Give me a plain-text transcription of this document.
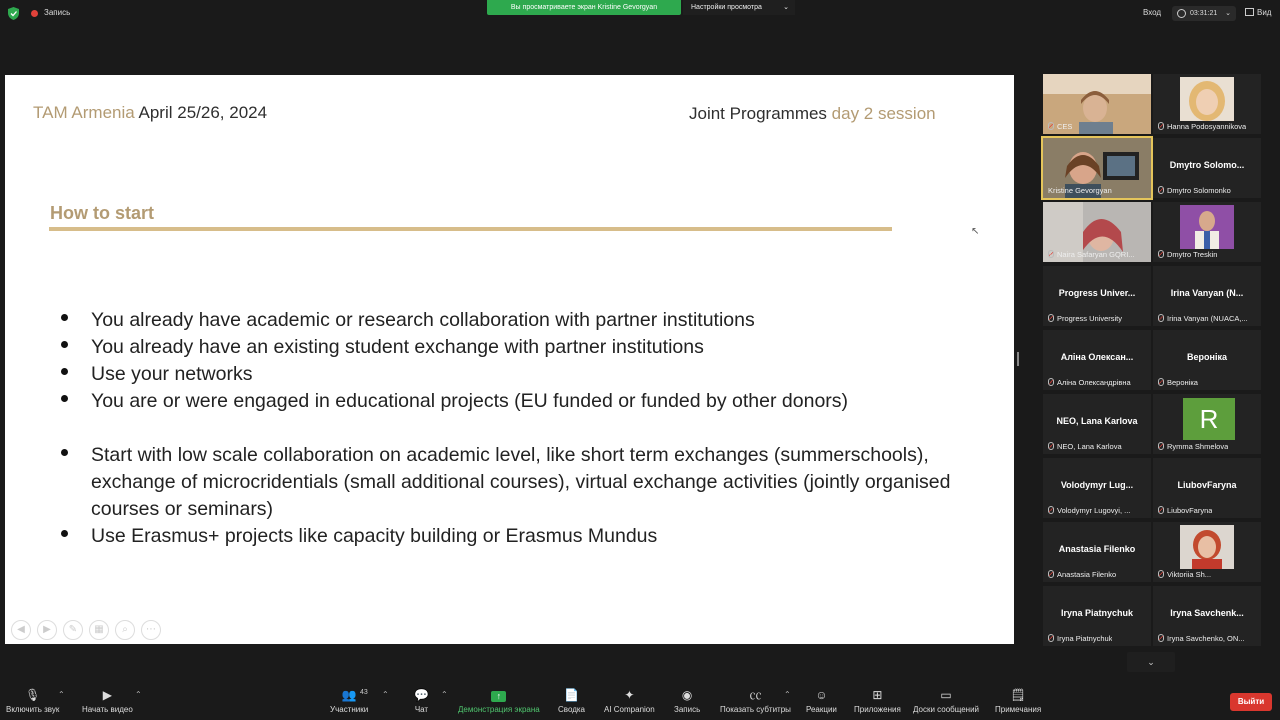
Запись
Вы просматриваете экран Kristine Gevorgyan	Настройки просмотра	⌄
Вход	03:31:21 ⌄	Вид
TAM Armenia April 25/26, 2024	Joint Programmes day 2 session
How to start
You already have academic or research collaboration with partner institutions
You already have an existing student exchange with partner institutions
Use your networks
You are or were engaged in educational projects (EU funded or funded by other donors)
Start with low scale collaboration on academic level, like short term exchanges (summerschools), exchange of microcridentials (small additional courses), virtual exchange activities (jointly organised courses or seminars)
Use Erasmus+ projects like capacity building or Erasmus Mundus
◀ ▶ ✎ ▦ ⌕ ⋯
↖
CES	Hanna Podosyannikova
Kristine Gevorgyan
Dmytro Solomo...
Dmytro Solomonko
Naira Safaryan GQRI...	Dmytro Treskin
Progress Univer...
Progress University
Irina Vanyan (N...
Irina Vanyan (NUACA,...
Аліна Олексан...
Аліна Олександрівна
Вероніка
Вероніка
NEO, Lana Karlova
NEO, Lana Karlova
R
Rymma Shmelova
Volodymyr Lug...
Volodymyr Lugovyi, ...
LiubovFaryna
LiubovFaryna
Anastasia Filenko
Anastasia Filenko	Viktoriia Sh...
Iryna Piatnychuk
Iryna Piatnychuk
Iryna Savchenk...
Iryna Savchenko, ON...
⌄
🎙
Включить звук
⌃	▶
Начать видео
⌃	👥
Участники
43 ⌃ 💬
Чат
⌃	↑
Демонстрация экрана
📄
Сводка
✦
AI Companion
◉
Запись
㏄
Показать субтитры
⌃	☺
Реакции
⊞
Приложения
▭
Доски сообщений
🗒
Примечания
Выйти
